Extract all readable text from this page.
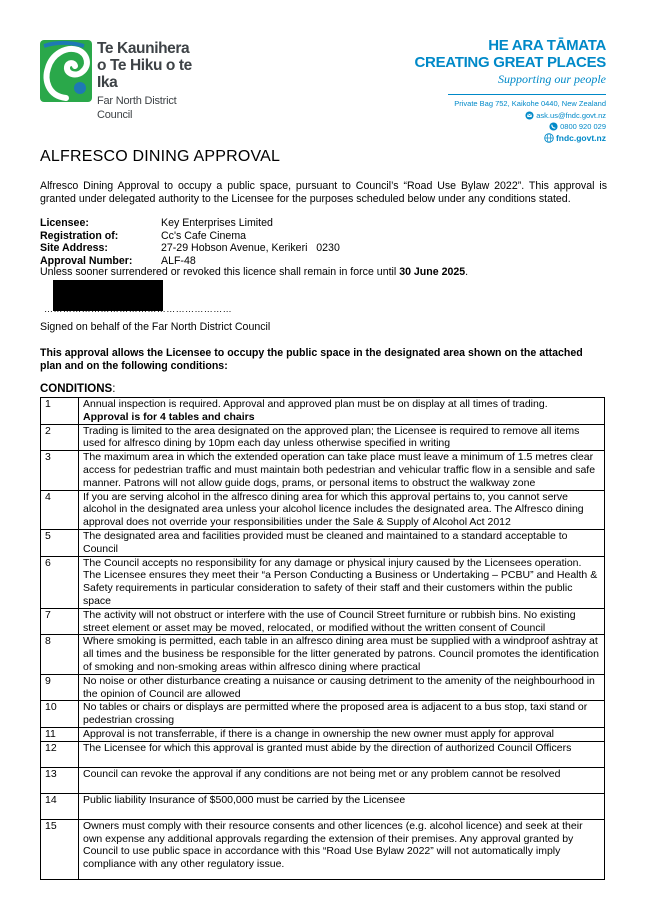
Te Kaunihera
o Te Hiku o te Ika
Far North District Council
HE ARA TĀMATA
CREATING GREAT PLACES
Supporting our people
Private Bag 752, Kaikohe 0440, New Zealand
ask.us@fndc.govt.nz
0800 920 029
fndc.govt.nz
ALFRESCO DINING APPROVAL
Alfresco Dining Approval to occupy a public space, pursuant to Council’s “Road Use Bylaw 2022”. This approval is granted under delegated authority to the Licensee for the purposes scheduled below under any conditions stated.
Licensee:	Key Enterprises Limited
Registration of:	Cc's Cafe Cinema
Site Address:	27-29 Hobson Avenue, Kerikeri   0230
Approval Number:	ALF-48
Unless sooner surrendered or revoked this licence shall remain in force until 30 June 2025.
……………………………………………………
Signed on behalf of the Far North District Council
This approval allows the Licensee to occupy the public space in the designated area shown on the attached plan and on the following conditions:
CONDITIONS:
1	Annual inspection is required. Approval and approved plan must be on display at all times of trading.
Approval is for 4 tables and chairs

2	Trading is limited to the area designated on the approved plan; the Licensee is required to remove all items used for alfresco dining by 10pm each day unless otherwise specified in writing
3	The maximum area in which the extended operation can take place must leave a minimum of 1.5 metres clear access for pedestrian traffic and must maintain both pedestrian and vehicular traffic flow in a sensible and safe manner. Patrons will not allow guide dogs, prams, or personal items to obstruct the walkway zone
4	If you are serving alcohol in the alfresco dining area for which this approval pertains to, you cannot serve alcohol in the designated area unless your alcohol licence includes the designated area. The Alfresco dining approval does not override your responsibilities under the Sale & Supply of Alcohol Act 2012
5	The designated area and facilities provided must be cleaned and maintained to a standard acceptable to Council
6	The Council accepts no responsibility for any damage or physical injury caused by the Licensees operation. The Licensee ensures they meet their “a Person Conducting a Business or Undertaking – PCBU” and Health & Safety requirements in particular consideration to safety of their staff and their customers within the public space
7	The activity will not obstruct or interfere with the use of Council Street furniture or rubbish bins. No existing street element or asset may be moved, relocated, or modified without the written consent of Council
8	Where smoking is permitted, each table in an alfresco dining area must be supplied with a windproof ashtray at all times and the business be responsible for the litter generated by patrons. Council promotes the identification of smoking and non-smoking areas within alfresco dining where practical
9	No noise or other disturbance creating a nuisance or causing detriment to the amenity of the neighbourhood in the opinion of Council are allowed
10	No tables or chairs or displays are permitted where the proposed area is adjacent to a bus stop, taxi stand or pedestrian crossing
11	Approval is not transferrable, if there is a change in ownership the new owner must apply for approval
12	The Licensee for which this approval is granted must abide by the direction of authorized Council Officers
13	Council can revoke the approval if any conditions are not being met or any problem cannot be resolved
14	Public liability Insurance of $500,000 must be carried by the Licensee
15	Owners must comply with their resource consents and other licences (e.g. alcohol licence) and seek at their own expense any additional approvals regarding the extension of their premises. Any approval granted by Council to use public space in accordance with this “Road Use Bylaw 2022” will not automatically imply compliance with any other regulatory issue.
